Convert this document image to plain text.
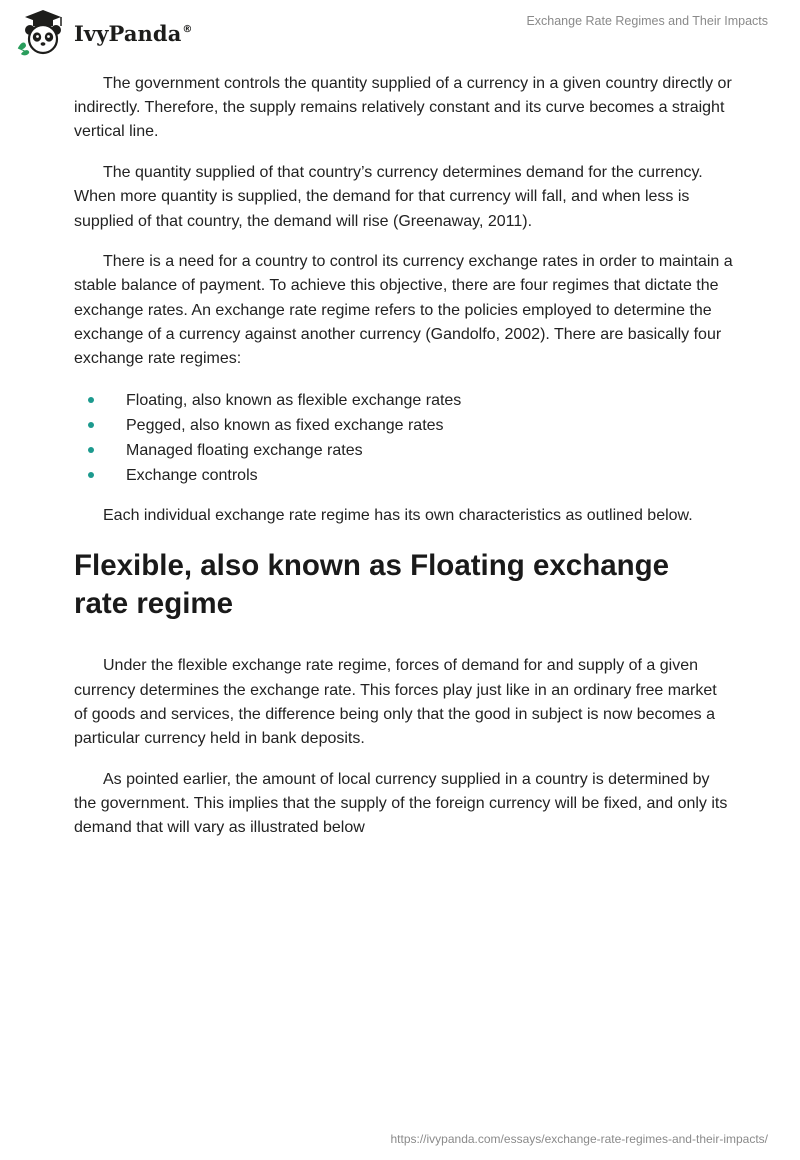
IvyPanda®
Exchange Rate Regimes and Their Impacts

The government controls the quantity supplied of a currency in a given country directly or indirectly. Therefore, the supply remains relatively constant and its curve becomes a straight vertical line.

The quantity supplied of that country’s currency determines demand for the currency. When more quantity is supplied, the demand for that currency will fall, and when less is supplied of that country, the demand will rise (Greenaway, 2011).

There is a need for a country to control its currency exchange rates in order to maintain a stable balance of payment. To achieve this objective, there are four regimes that dictate the exchange rates. An exchange rate regime refers to the policies employed to determine the exchange of a currency against another currency (Gandolfo, 2002). There are basically four exchange rate regimes:

Floating, also known as flexible exchange rates
Pegged, also known as fixed exchange rates
Managed floating exchange rates
Exchange controls

Each individual exchange rate regime has its own characteristics as outlined below.

Flexible, also known as Floating exchange rate regime

Under the flexible exchange rate regime, forces of demand for and supply of a given currency determines the exchange rate. This forces play just like in an ordinary free market of goods and services, the difference being only that the good in subject is now becomes a particular currency held in bank deposits.

As pointed earlier, the amount of local currency supplied in a country is determined by the government. This implies that the supply of the foreign currency will be fixed, and only its demand that will vary as illustrated below

https://ivypanda.com/essays/exchange-rate-regimes-and-their-impacts/
